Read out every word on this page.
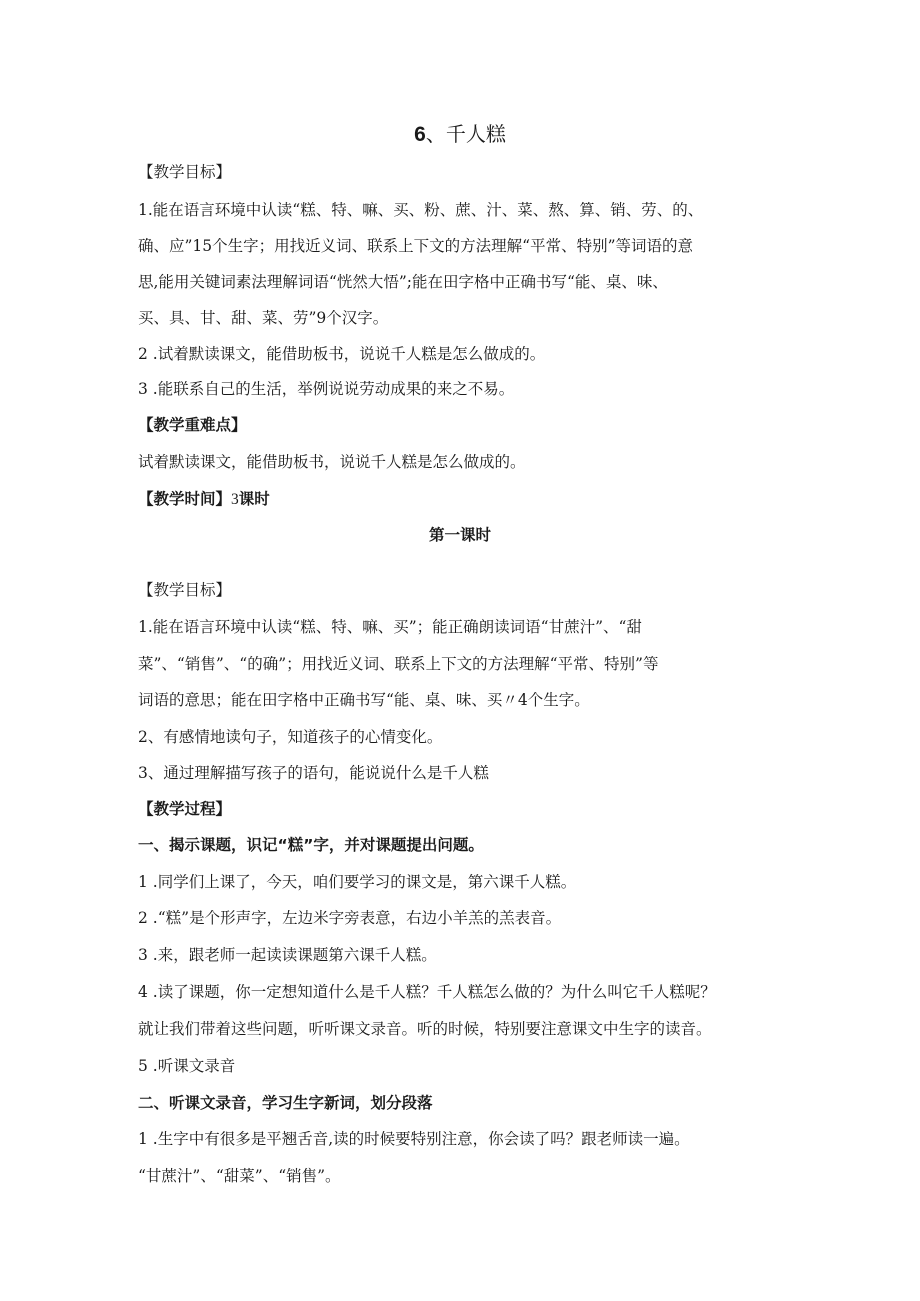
6、千人糕
【教学目标】
1.能在语言环境中认读“糕、特、嘛、买、粉、蔗、汁、菜、熬、算、销、劳、的、
确、应”15个生字；用找近义词、联系上下文的方法理解“平常、特别”等词语的意
思,能用关键词素法理解词语“恍然大悟”;能在田字格中正确书写“能、桌、味、
买、具、甘、甜、菜、劳”9个汉字。
2 .试着默读课文，能借助板书，说说千人糕是怎么做成的。
3 .能联系自己的生活，举例说说劳动成果的来之不易。
【教学重难点】
试着默读课文，能借助板书，说说千人糕是怎么做成的。
【教学时间】3课时
第一课时
【教学目标】
1.能在语言环境中认读“糕、特、嘛、买”；能正确朗读词语“甘蔗汁”、“甜
菜”、“销售”、“的确”；用找近义词、联系上下文的方法理解“平常、特别”等
词语的意思；能在田字格中正确书写“能、桌、味、买〃4个生字。
2、有感情地读句子，知道孩子的心情变化。
3、通过理解描写孩子的语句，能说说什么是千人糕
【教学过程】
一、揭示课题，识记“糕”字，并对课题提出问题。
1 .同学们上课了，今天，咱们要学习的课文是，第六课千人糕。
2 .“糕”是个形声字，左边米字旁表意，右边小羊羔的羔表音。
3 .来，跟老师一起读读课题第六课千人糕。
4 .读了课题，你一定想知道什么是千人糕？千人糕怎么做的？为什么叫它千人糕呢？
就让我们带着这些问题，听听课文录音。听的时候，特别要注意课文中生字的读音。
5 .听课文录音
二、听课文录音，学习生字新词，划分段落
1 .生字中有很多是平翘舌音,读的时候要特别注意，你会读了吗？跟老师读一遍。
“甘蔗汁”、“甜菜”、“销售”。
